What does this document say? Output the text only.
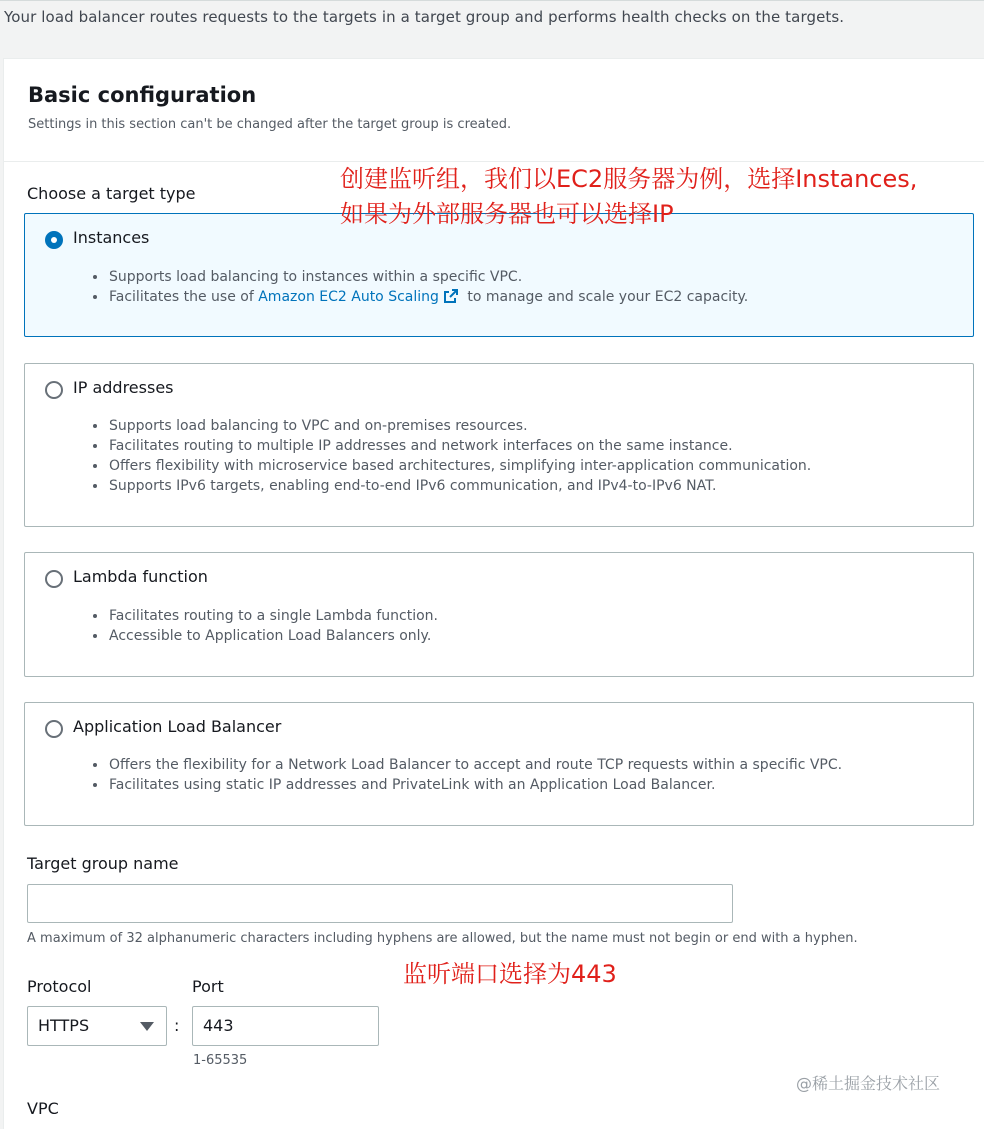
Your load balancer routes requests to the targets in a target group and performs health checks on the targets.
Basic configuration
Settings in this section can't be changed after the target group is created.
Choose a target type
Instances
Supports load balancing to instances within a specific VPC.
Facilitates the use of Amazon EC2 Auto Scaling to manage and scale your EC2 capacity.
IP addresses
Supports load balancing to VPC and on-premises resources.
Facilitates routing to multiple IP addresses and network interfaces on the same instance.
Offers flexibility with microservice based architectures, simplifying inter-application communication.
Supports IPv6 targets, enabling end-to-end IPv6 communication, and IPv4-to-IPv6 NAT.
Lambda function
Facilitates routing to a single Lambda function.
Accessible to Application Load Balancers only.
Application Load Balancer
Offers the flexibility for a Network Load Balancer to accept and route TCP requests within a specific VPC.
Facilitates using static IP addresses and PrivateLink with an Application Load Balancer.
Target group name
A maximum of 32 alphanumeric characters including hyphens are allowed, but the name must not begin or end with a hyphen.
Protocol
HTTPS	:
Port
443
1-65535
VPC
创建监听组，我们以EC2服务器为例，选择Instances,
如果为外部服务器也可以选择IP
监听端口选择为443
@稀土掘金技术社区
